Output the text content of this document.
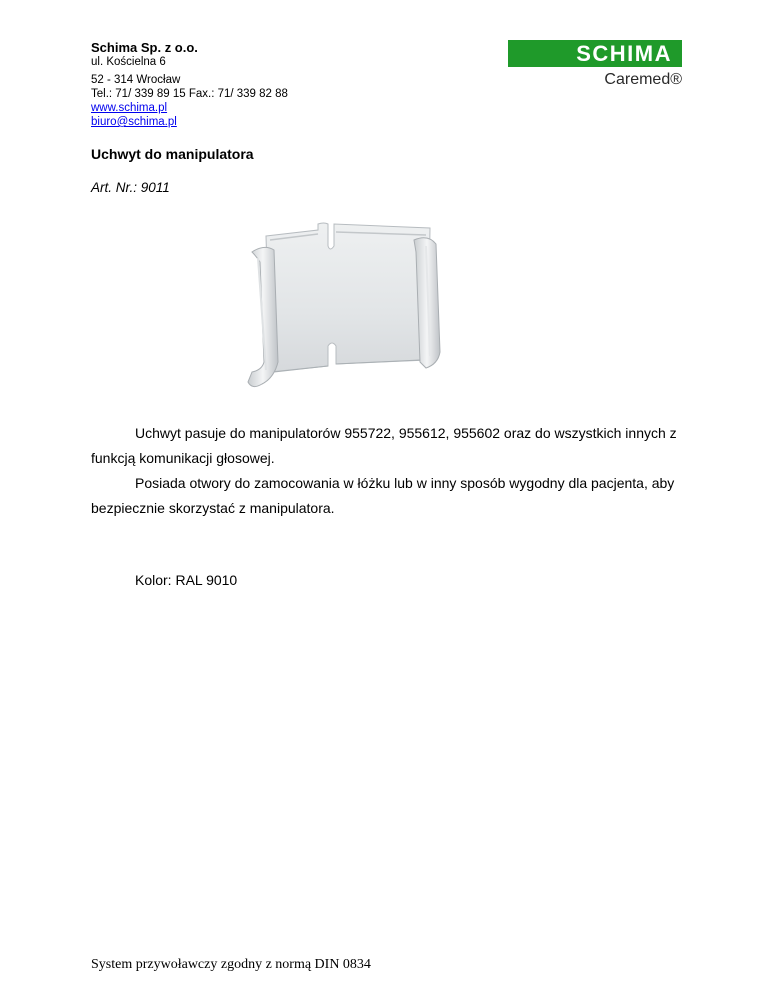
Schima Sp. z o.o.
ul. Kościelna 6
52 - 314 Wrocław
Tel.: 71/ 339 89 15 Fax.: 71/ 339 82 88
www.schima.pl
biuro@schima.pl
SCHIMA
Caremed®
Uchwyt do manipulatora
Art. Nr.: 9011

Uchwyt pasuje do manipulatorów 955722, 955612, 955602 oraz do wszystkich innych z funkcją komunikacji głosowej.

Posiada otwory do zamocowania w łóżku lub w inny sposób wygodny dla pacjenta, aby bezpiecznie skorzystać z manipulatora.

Kolor: RAL 9010
System przywoławczy zgodny z normą DIN 0834
